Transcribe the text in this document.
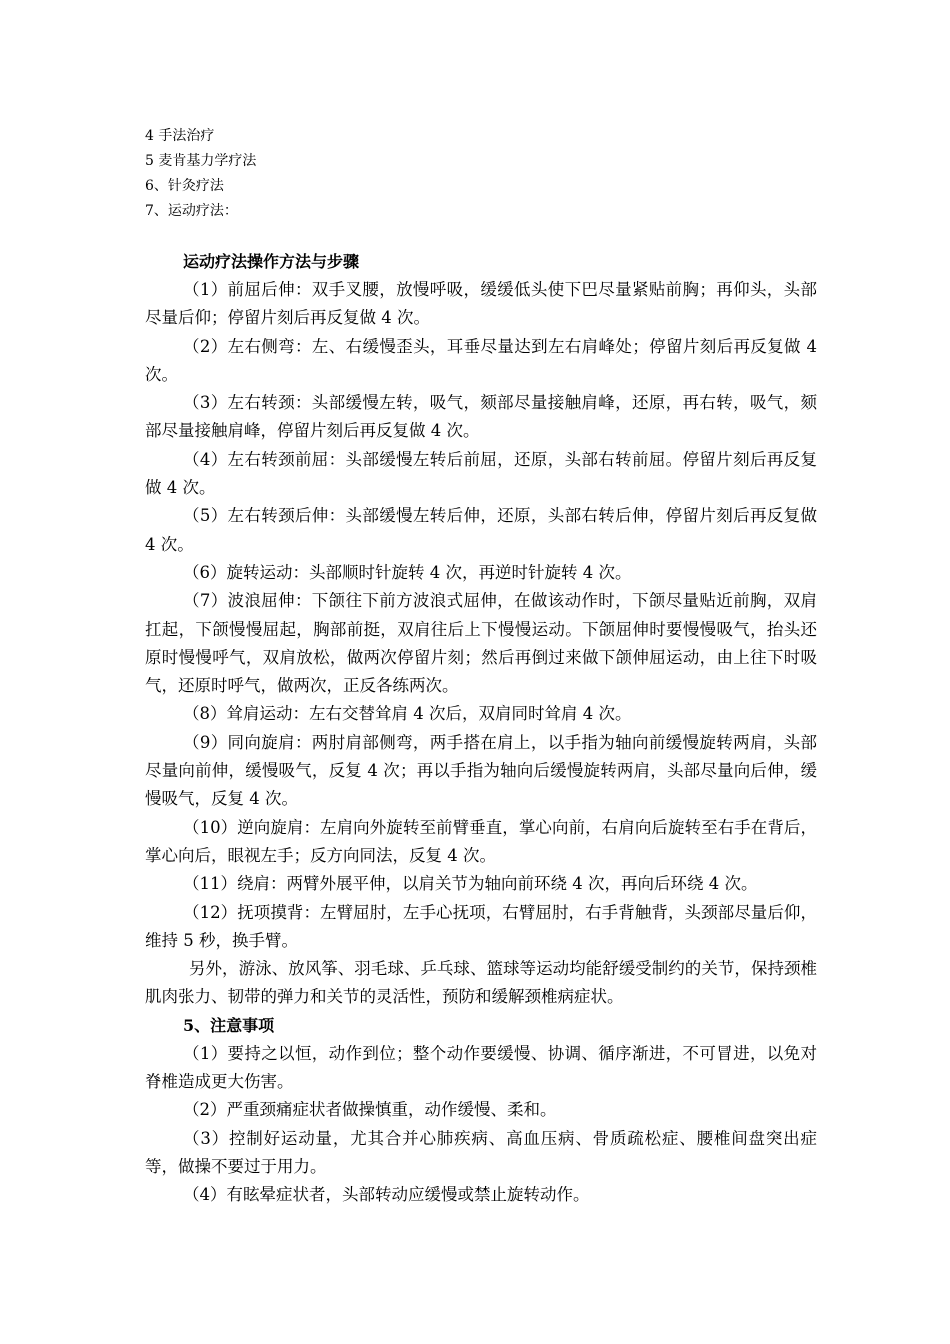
4 手法治疗
5 麦肯基力学疗法
6、针灸疗法
7、运动疗法：
运动疗法操作方法与步骤

（1）前屈后伸：双手叉腰，放慢呼吸，缓缓低头使下巴尽量紧贴前胸；再仰头，头部尽量后仰；停留片刻后再反复做 4 次。

（2）左右侧弯：左、右缓慢歪头，耳垂尽量达到左右肩峰处；停留片刻后再反复做 4 次。

（3）左右转颈：头部缓慢左转，吸气，颏部尽量接触肩峰，还原，再右转，吸气，颏部尽量接触肩峰，停留片刻后再反复做 4 次。

（4）左右转颈前屈：头部缓慢左转后前屈，还原，头部右转前屈。停留片刻后再反复做 4 次。

（5）左右转颈后伸：头部缓慢左转后伸，还原，头部右转后伸，停留片刻后再反复做 4 次。

（6）旋转运动：头部顺时针旋转 4 次，再逆时针旋转 4 次。

（7）波浪屈伸：下颌往下前方波浪式屈伸，在做该动作时，下颌尽量贴近前胸，双肩扛起，下颌慢慢屈起，胸部前挺，双肩往后上下慢慢运动。下颌屈伸时要慢慢吸气，抬头还原时慢慢呼气，双肩放松，做两次停留片刻；然后再倒过来做下颌伸屈运动，由上往下时吸气，还原时呼气，做两次，正反各练两次。

（8）耸肩运动：左右交替耸肩 4 次后，双肩同时耸肩 4 次。

（9）同向旋肩：两肘肩部侧弯，两手搭在肩上，以手指为轴向前缓慢旋转两肩，头部尽量向前伸，缓慢吸气，反复 4 次；再以手指为轴向后缓慢旋转两肩，头部尽量向后伸，缓慢吸气，反复 4 次。

（10）逆向旋肩：左肩向外旋转至前臂垂直，掌心向前，右肩向后旋转至右手在背后，掌心向后，眼视左手；反方向同法，反复 4 次。

（11）绕肩：两臂外展平伸，以肩关节为轴向前环绕 4 次，再向后环绕 4 次。

（12）抚项摸背：左臂屈肘，左手心抚项，右臂屈肘，右手背触背，头颈部尽量后仰，维持 5 秒，换手臂。

另外，游泳、放风筝、羽毛球、乒乓球、篮球等运动均能舒缓受制约的关节，保持颈椎肌肉张力、韧带的弹力和关节的灵活性，预防和缓解颈椎病症状。

5、注意事项

（1）要持之以恒，动作到位；整个动作要缓慢、协调、循序渐进，不可冒进，以免对脊椎造成更大伤害。

（2）严重颈痛症状者做操慎重，动作缓慢、柔和。

（3）控制好运动量，尤其合并心肺疾病、高血压病、骨质疏松症、腰椎间盘突出症等，做操不要过于用力。

（4）有眩晕症状者，头部转动应缓慢或禁止旋转动作。
